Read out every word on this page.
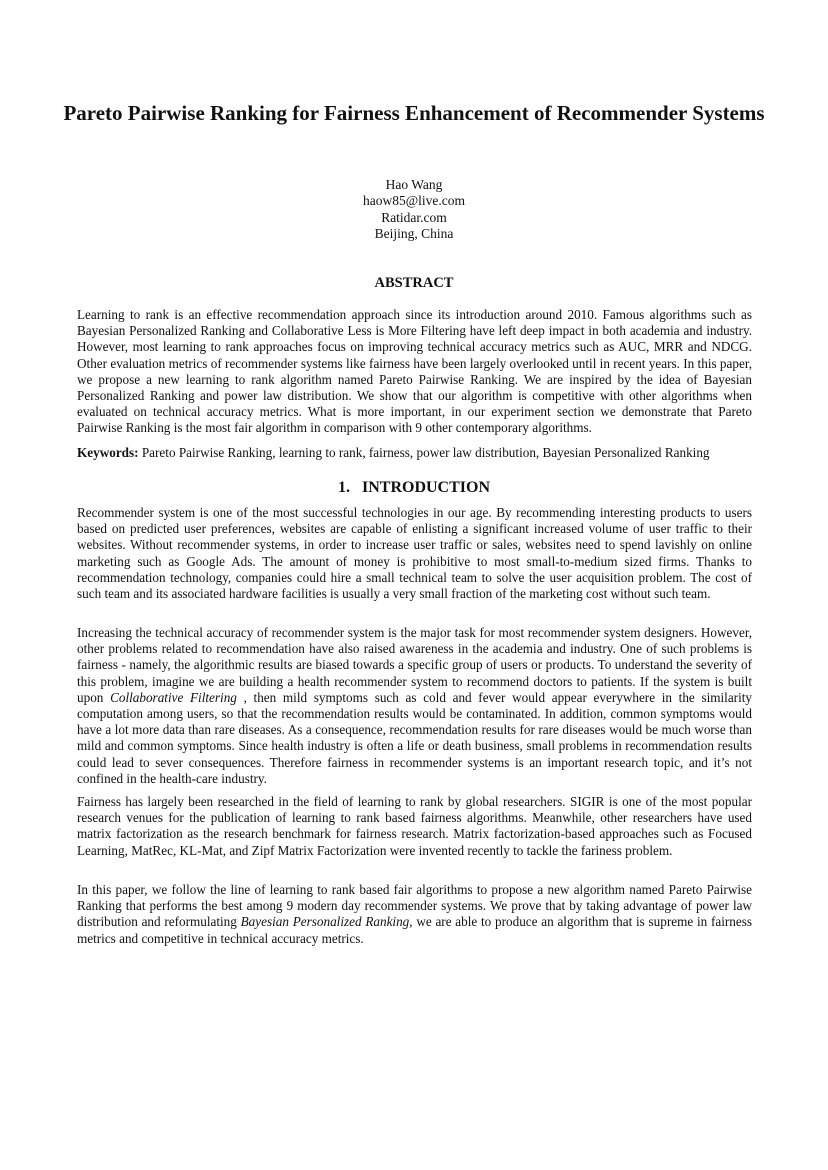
Pareto Pairwise Ranking for Fairness Enhancement of Recommender Systems
Hao Wang
haow85@live.com
Ratidar.com
Beijing, China
ABSTRACT

Learning to rank is an effective recommendation approach since its introduction around 2010. Famous algorithms such as Bayesian Personalized Ranking and Collaborative Less is More Filtering have left deep impact in both academia and industry. However, most learning to rank approaches focus on improving technical accuracy metrics such as AUC, MRR and NDCG. Other evaluation metrics of recommender systems like fairness have been largely overlooked until in recent years. In this paper, we propose a new learning to rank algorithm named Pareto Pairwise Ranking. We are inspired by the idea of Bayesian Personalized Ranking and power law distribution. We show that our algorithm is competitive with other algorithms when evaluated on technical accuracy metrics. What is more important, in our experiment section we demonstrate that Pareto Pairwise Ranking is the most fair algorithm in comparison with 9 other contemporary algorithms.

Keywords: Pareto Pairwise Ranking, learning to rank, fairness, power law distribution, Bayesian Personalized Ranking

1.   INTRODUCTION

Recommender system is one of the most successful technologies in our age. By recommending interesting products to users based on predicted user preferences, websites are capable of enlisting a significant increased volume of user traffic to their websites. Without recommender systems, in order to increase user traffic or sales, websites need to spend lavishly on online marketing such as Google Ads. The amount of money is prohibitive to most small-to-medium sized firms. Thanks to recommendation technology, companies could hire a small technical team to solve the user acquisition problem. The cost of such team and its associated hardware facilities is usually a very small fraction of the marketing cost without such team.

Increasing the technical accuracy of recommender system is the major task for most recommender system designers. However, other problems related to recommendation have also raised awareness in the academia and industry. One of such problems is fairness - namely, the algorithmic results are biased towards a specific group of users or products. To understand the severity of this problem, imagine we are building a health recommender system to recommend doctors to patients. If the system is built upon Collaborative Filtering , then mild symptoms such as cold and fever would appear everywhere in the similarity computation among users, so that the recommendation results would be contaminated. In addition, common symptoms would have a lot more data than rare diseases. As a consequence, recommendation results for rare diseases would be much worse than mild and common symptoms. Since health industry is often a life or death business, small problems in recommendation results could lead to sever consequences. Therefore fairness in recommender systems is an important research topic, and it’s not confined in the health-care industry.

Fairness has largely been researched in the field of learning to rank by global researchers. SIGIR is one of the most popular research venues for the publication of learning to rank based fairness algorithms. Meanwhile, other researchers have used matrix factorization as the research benchmark for fairness research. Matrix factorization-based approaches such as Focused Learning, MatRec, KL-Mat, and Zipf Matrix Factorization were invented recently to tackle the fariness problem.

In this paper, we follow the line of learning to rank based fair algorithms to propose a new algorithm named Pareto Pairwise Ranking that performs the best among 9 modern day recommender systems. We prove that by taking advantage of power law distribution and reformulating Bayesian Personalized Ranking, we are able to produce an algorithm that is supreme in fairness metrics and competitive in technical accuracy metrics.
